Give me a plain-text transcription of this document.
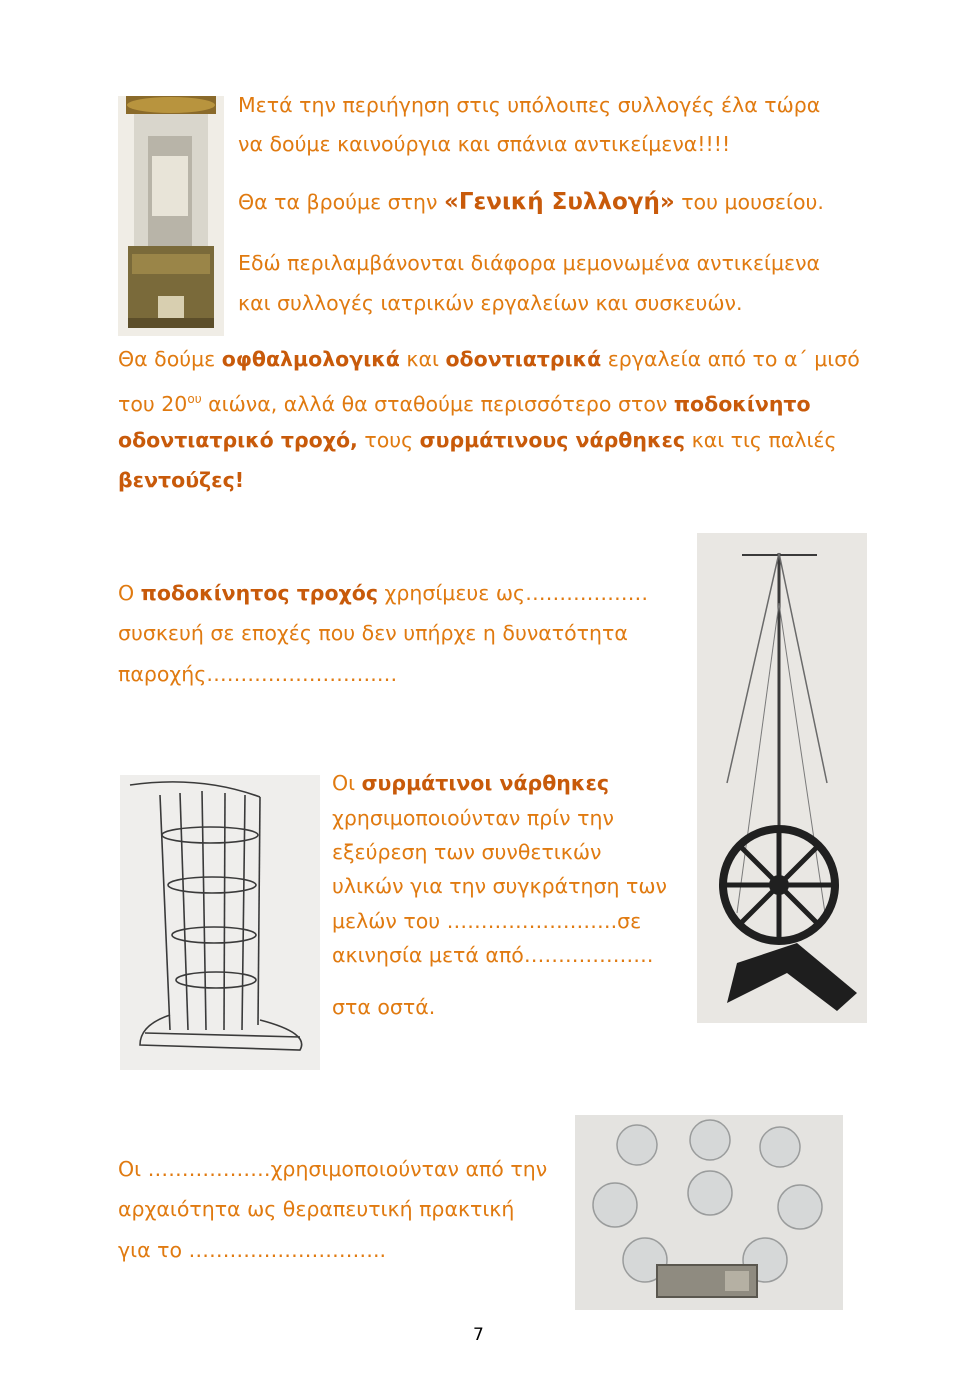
Μετά την περιήγηση στις υπόλοιπες συλλογές έλα τώρα
να δούμε καινούργια και σπάνια αντικείμενα!!!!
Θα τα βρούμε στην «Γενική Συλλογή» του μουσείου.
Εδώ περιλαμβάνονται διάφορα μεμονωμένα αντικείμενα
και συλλογές ιατρικών εργαλείων και συσκευών.
Θα δούμε οφθαλμολογικά και οδοντιατρικά εργαλεία από το α΄ μισό
του $20^{o\upsilon}$ αιώνα, αλλά θα σταθούμε περισσότερο στον ποδοκίνητο
οδοντιατρικό τροχό, τους συρμάτινους νάρθηκες και τις παλιές
βεντούζες!
Ο ποδοκίνητος τροχός χρησίμευε ως………………
συσκευή σε εποχές που δεν υπήρχε η δυνατότητα
παροχής…………………….…
Οι συρμάτινοι νάρθηκες
χρησιμοποιούνταν πρίν την
εξεύρεση των συνθετικών
υλικών για την συγκράτηση των
μελών του …………………….σε
ακινησία μετά από……………….
στα οστά.
Οι ………………χρησιμοποιούνταν από την
αρχαιότητα ως θεραπευτική πρακτική
για το ………………………..
7
